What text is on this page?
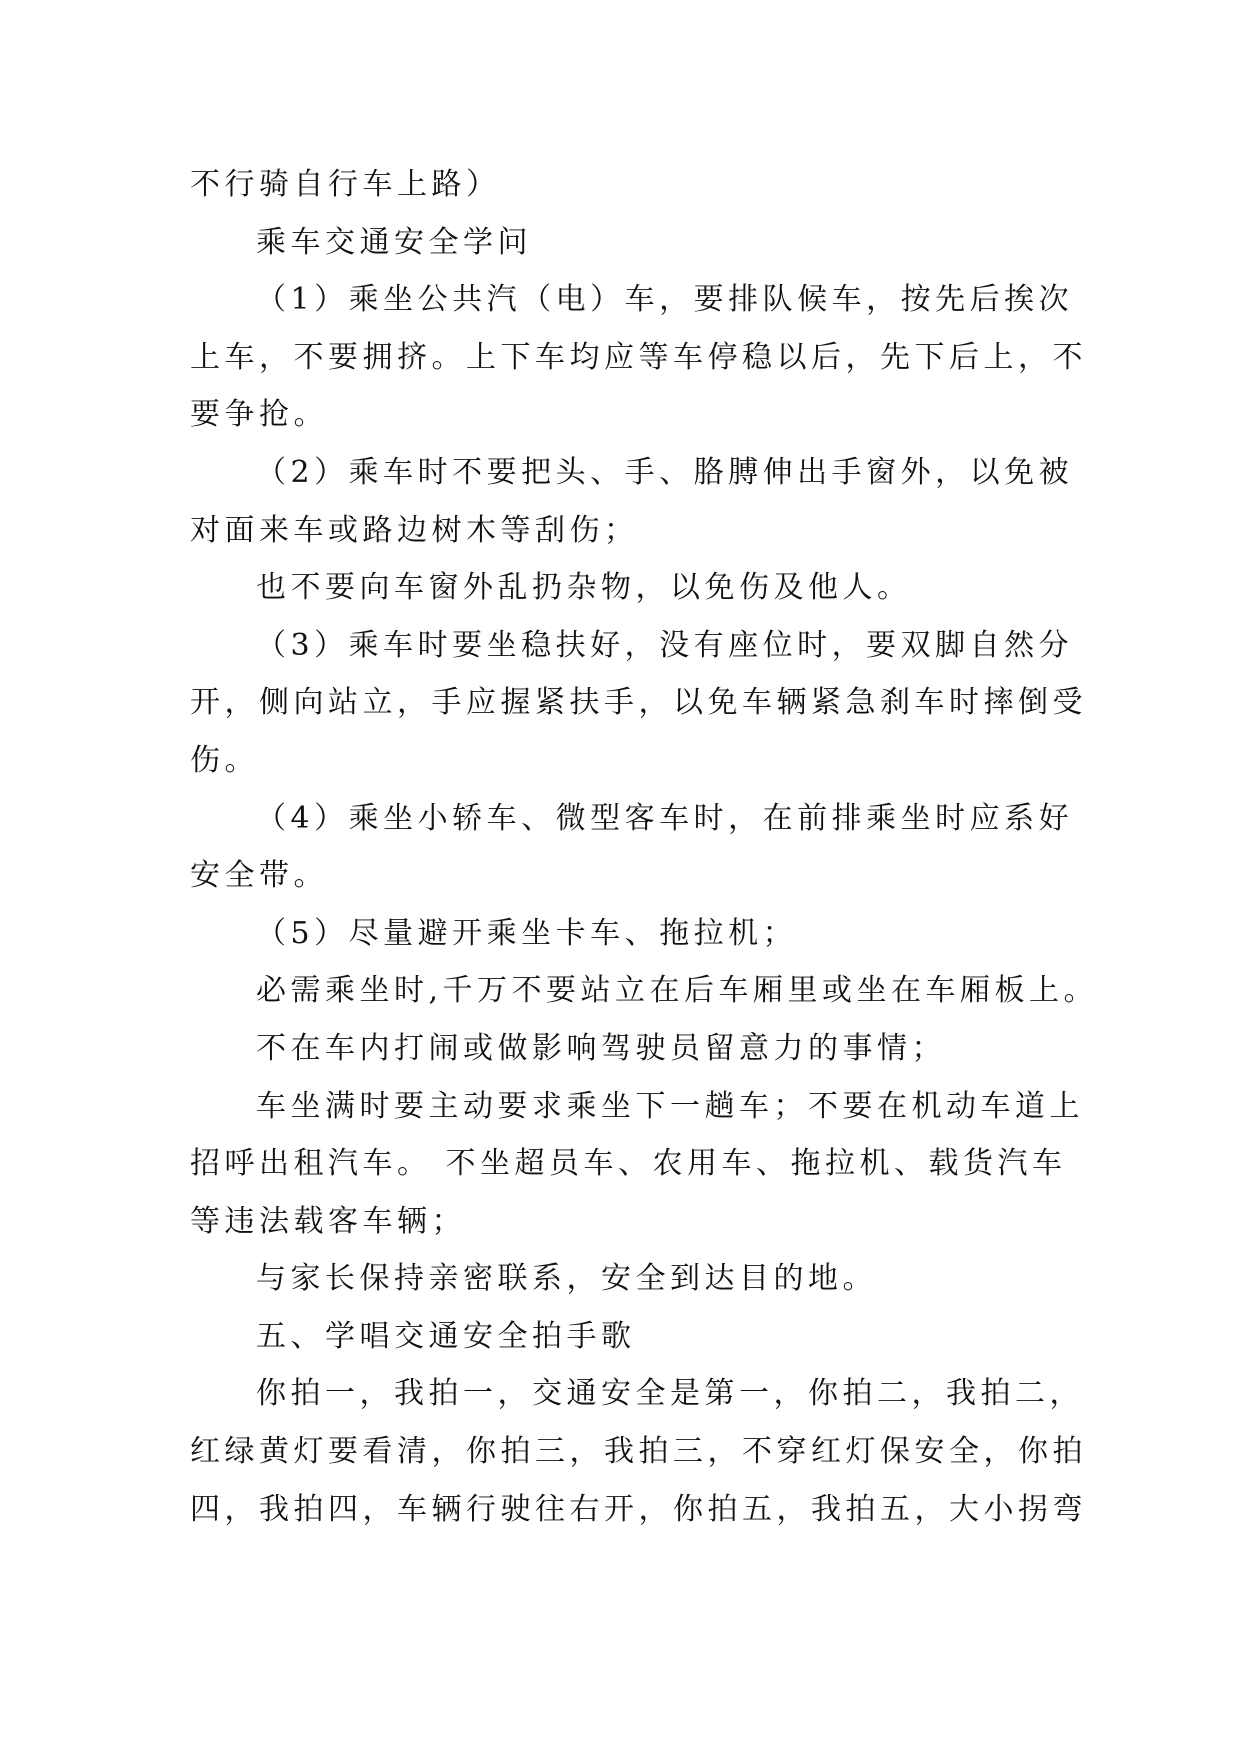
不行骑自行车上路）
乘车交通安全学问
（1）乘坐公共汽（电）车，要排队候车，按先后挨次
上车，不要拥挤。上下车均应等车停稳以后，先下后上，不
要争抢。
（2）乘车时不要把头、手、胳膊伸出手窗外，以免被
对面来车或路边树木等刮伤；
也不要向车窗外乱扔杂物，以免伤及他人。
（3）乘车时要坐稳扶好，没有座位时，要双脚自然分
开，侧向站立，手应握紧扶手，以免车辆紧急刹车时摔倒受
伤。
（4）乘坐小轿车、微型客车时，在前排乘坐时应系好
安全带。
（5）尽量避开乘坐卡车、拖拉机；
必需乘坐时,千万不要站立在后车厢里或坐在车厢板上。
不在车内打闹或做影响驾驶员留意力的事情；
车坐满时要主动要求乘坐下一趟车；不要在机动车道上
招呼出租汽车。 不坐超员车、农用车、拖拉机、载货汽车
等违法载客车辆；
与家长保持亲密联系，安全到达目的地。
五、学唱交通安全拍手歌
你拍一，我拍一，交通安全是第一，你拍二，我拍二，
红绿黄灯要看清，你拍三，我拍三，不穿红灯保安全，你拍
四，我拍四，车辆行驶往右开，你拍五，我拍五，大小拐弯
